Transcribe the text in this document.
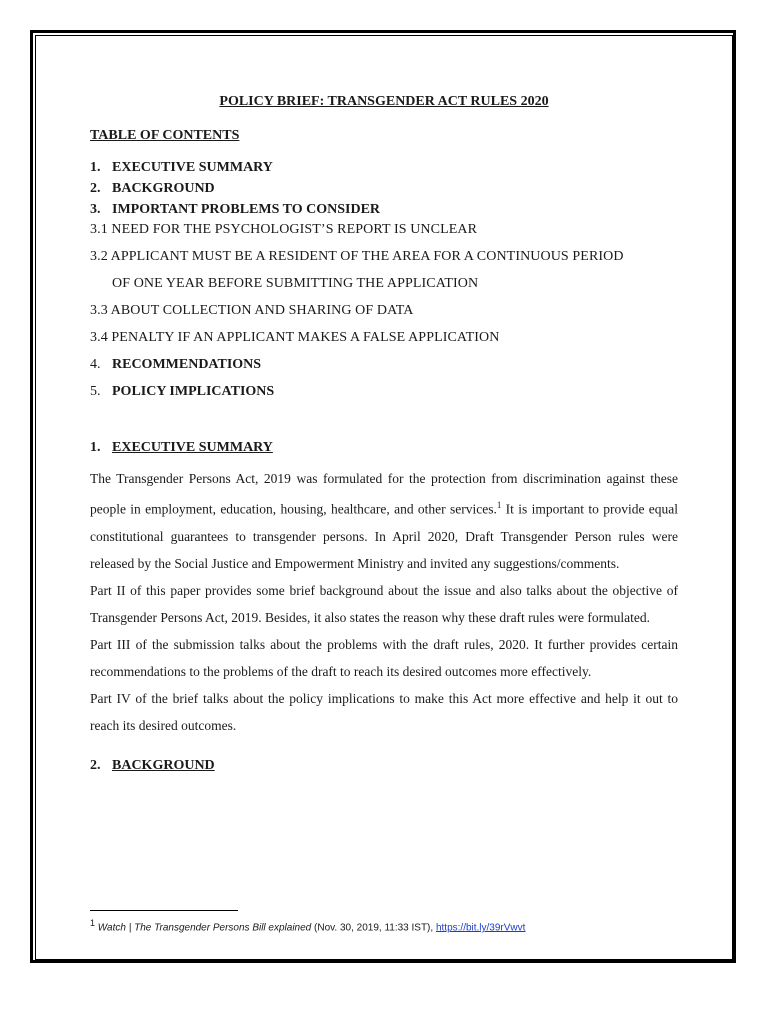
POLICY BRIEF: TRANSGENDER ACT RULES 2020

TABLE OF CONTENTS
1. EXECUTIVE SUMMARY
2. BACKGROUND
3. IMPORTANT PROBLEMS TO CONSIDER
3.1 NEED FOR THE PSYCHOLOGIST’S REPORT IS UNCLEAR
3.2 APPLICANT MUST BE A RESIDENT OF THE AREA FOR A CONTINUOUS PERIOD
OF ONE YEAR BEFORE SUBMITTING THE APPLICATION
3.3 ABOUT COLLECTION AND SHARING OF DATA
3.4 PENALTY IF AN APPLICANT MAKES A FALSE APPLICATION
4. RECOMMENDATIONS
5. POLICY IMPLICATIONS
1. EXECUTIVE SUMMARY

The Transgender Persons Act, 2019 was formulated for the protection from discrimination against these people in employment, education, housing, healthcare, and other services.$^1$ It is important to provide equal constitutional guarantees to transgender persons. In April 2020, Draft Transgender Person rules were released by the Social Justice and Empowerment Ministry and invited any suggestions/comments.

Part II of this paper provides some brief background about the issue and also talks about the objective of Transgender Persons Act, 2019. Besides, it also states the reason why these draft rules were formulated.

Part III of the submission talks about the problems with the draft rules, 2020. It further provides certain recommendations to the problems of the draft to reach its desired outcomes more effectively.

Part IV of the brief talks about the policy implications to make this Act more effective and help it out to reach its desired outcomes.

2. BACKGROUND
$^1$ Watch | The Transgender Persons Bill explained (Nov. 30, 2019, 11:33 IST), https://bit.ly/39rVwvt
